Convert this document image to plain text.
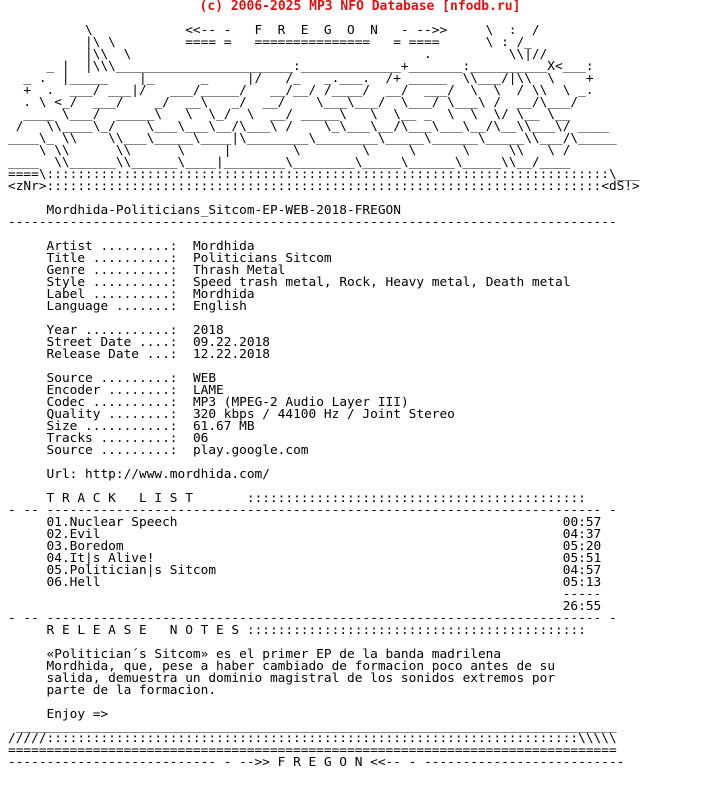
(c) 2006-2025 MP3 NFO Database [nfodb.ru]
\            <<-- -   F  R  E  G  O  N   - -->>     \  :  /
|\ \         ==== =   ===============   = ====      \ : /_
|\\  \                                      .          \\|//
_ |  |\\\_______________________:_____________+_______:__________X<___:
_ .  |_____    |_      _     |/   /_   _.___.  /+ _____  \\___/|\\  \    +
+  .  ___/ ___|/   ___/_____/   __/__/ /____/  __/  ___/  \  \  / \\  \ _.
. \ <_/  ___/    _/  __\   _/  __/    \___\___/  \___/ \___\ /  __/\___/
____ \___/  _____\   \  \_/  \  __/ _____\   \  \__ _  \  \  \/ \__ \__
/   \\____\_/    \___\___\__/\___\ /    \_\___\__/\___\___\__/\__\\___\/ ____
____\_ \\    \\___\_____\____|\________\________\_____\______\_____\\___/\_____
\ \\      \\      \     |        \        \     \      \     \\   \ /
____  \\______\\______\____|________\________\_____\______\_____\\__/____
====\:::::::::::::::::::::::::::::::::::::::::::::::::::::::::::::::::::::::::\___
<zNr>::::::::::::::::::::::::::::::::::::::::::::::::::::::::::::::::::::::::<dS!>
Mordhida-Politicians_Sitcom-EP-WEB-2018-FREGON
-------------------------------------------------------------------------------
Artist .........: Mordhida
Title ..........: Politicians Sitcom
Genre ..........: Thrash Metal
Style ..........: Speed trash metal, Rock, Heavy metal, Death metal
Label ..........: Mordhida
Language .......: English
Year ...........: 2018
Street Date ....: 09.22.2018
Release Date ...: 12.22.2018
Source .........: WEB
Encoder ........: LAME
Codec ..........: MP3 (MPEG-2 Audio Layer III)
Quality ........: 320 kbps / 44100 Hz / Joint Stereo
Size ...........: 61.67 MB
Tracks .........: 06
Source .........: play.google.com
Url: http://www.mordhida.com/
T R A C K   L I S T	::::::::::::::::::::::::::::::::::::::::::::
- -- ------------------------------------------------------------------------ -
01.Nuclear Speech	00:57
02.Evil	04:37
03.Boredom	05:20
04.It|s Alive!	05:51
05.Politician|s Sitcom	04:57
06.Hell	05:13
-----
26:55
- -- ------------------------------------------------------------------------ -
R E L E A S E   N O T E S ::::::::::::::::::::::::::::::::::::::::::::
«Politician´s Sitcom» es el primer EP de la banda madrilena
Mordhida, que, pese a haber cambiado de formacion poco antes de su
salida, demuestra un dominio magistral de los sonidos extremos por
parte de la formacion.
Enjoy =>
______________________________________________________________________________
/////:::::::::::::::::::::::::::::::::::::::::::::::::::::::::::::::::::::\\\\\
===============================================================================
--------------------------- - -->> F R E G O N <<-- - --------------------------
